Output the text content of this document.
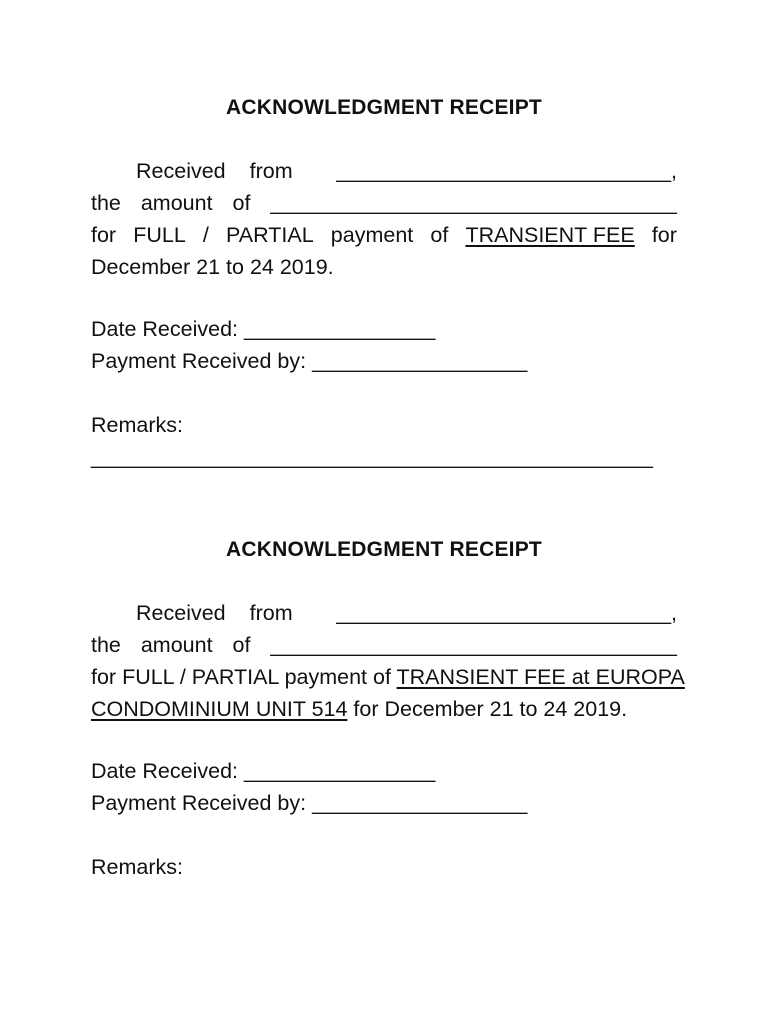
ACKNOWLEDGMENT RECEIPT
Received from ____________________________,
the amount of __________________________________
for FULL / PARTIAL payment of TRANSIENT FEE for
December 21 to 24 2019.
Date Received: ________________
Payment Received by: __________________
Remarks:
_______________________________________________
ACKNOWLEDGMENT RECEIPT
Received from ____________________________,
the amount of __________________________________
for FULL / PARTIAL payment of TRANSIENT FEE at EUROPA
CONDOMINIUM UNIT 514 for December 21 to 24 2019.
Date Received: ________________
Payment Received by: __________________
Remarks:
